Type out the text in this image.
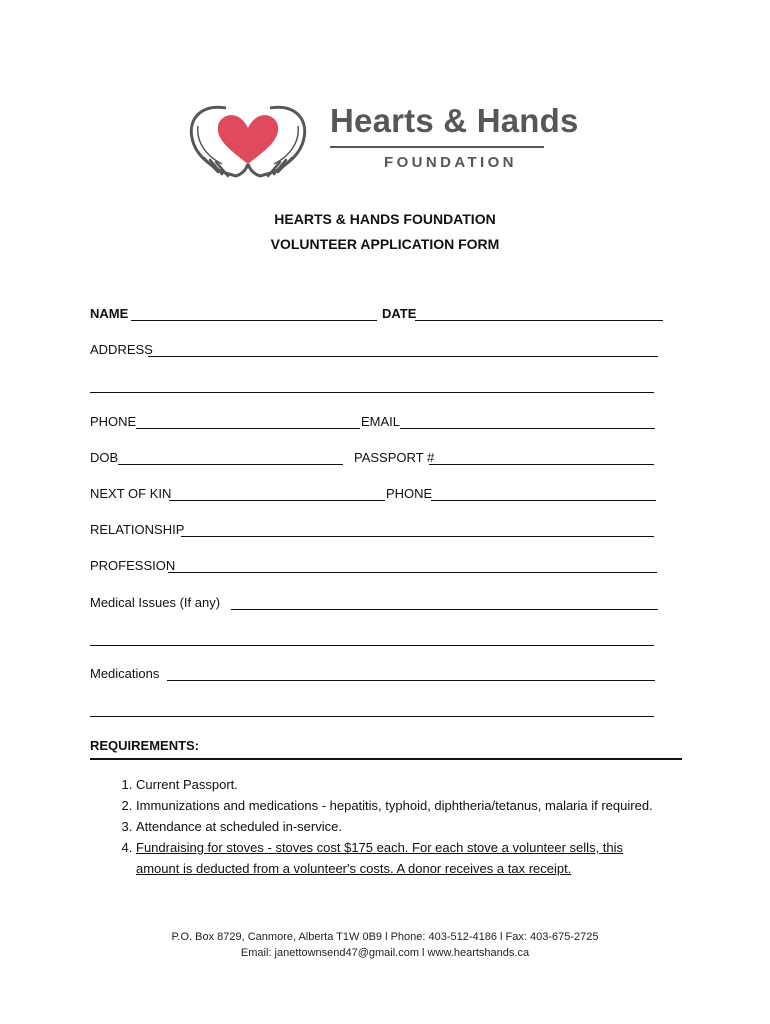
Hearts & Hands
FOUNDATION
HEARTS & HANDS FOUNDATION
VOLUNTEER APPLICATION FORM
NAME	DATE
ADDRESS
PHONE	EMAIL
DOB	PASSPORT #
NEXT OF KIN	PHONE
RELATIONSHIP
PROFESSION
Medical Issues (If any)
Medications
REQUIREMENTS:
1. Current Passport.
2. Immunizations and medications - hepatitis, typhoid, diphtheria/tetanus, malaria if required.
3. Attendance at scheduled in-service.
4. Fundraising for stoves - stoves cost $175 each. For each stove a volunteer sells, this amount is deducted from a volunteer's costs. A donor receives a tax receipt.
P.O. Box 8729, Canmore, Alberta T1W 0B9 l Phone: 403-512-4186 l Fax: 403-675-2725
Email: janettownsend47@gmail.com l www.heartshands.ca
